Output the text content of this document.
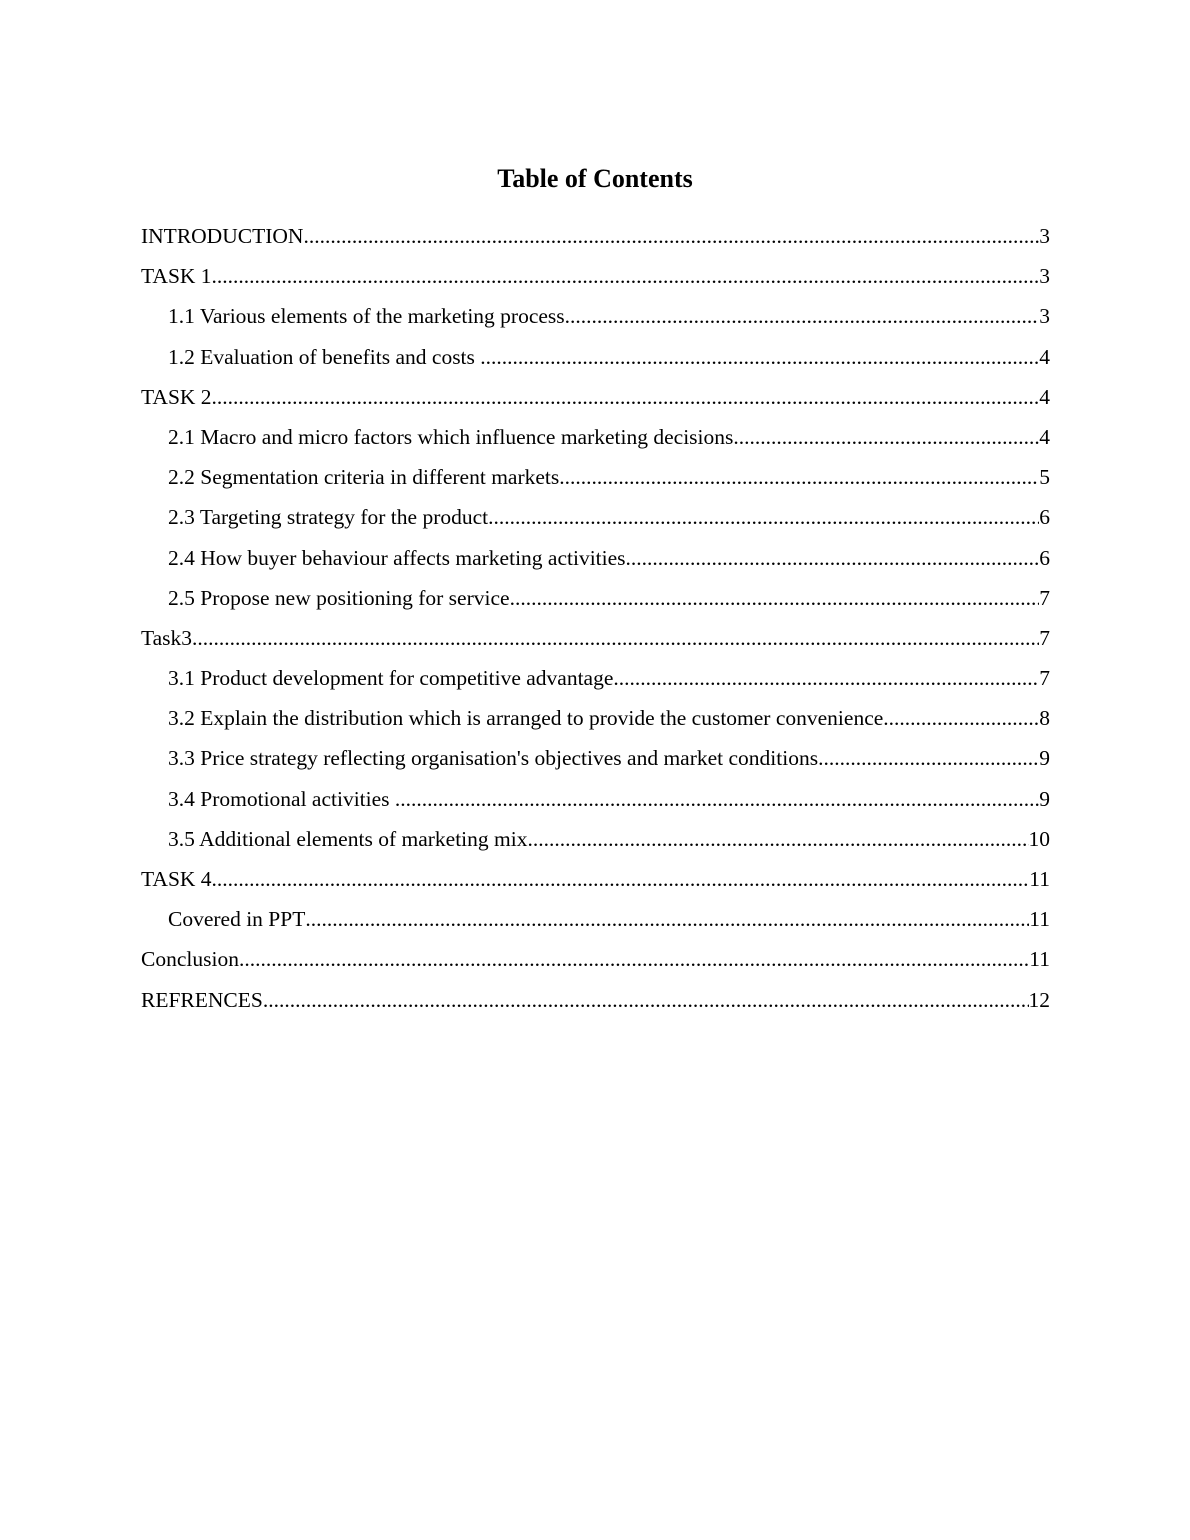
Table of Contents
INTRODUCTION .....	3
TASK 1 .....	3
1.1 Various elements of the marketing process .....	3
1.2 Evaluation of benefits and costs .....	4
TASK 2 .....	4
2.1 Macro and micro factors which influence marketing decisions .....	4
2.2 Segmentation criteria in different markets .....	5
2.3 Targeting strategy for the product .....	6
2.4 How buyer behaviour affects marketing activities .....	6
2.5 Propose new positioning for service .....	7
Task3 .....	7
3.1 Product development for competitive advantage .....	7
3.2 Explain the distribution which is arranged to provide the customer convenience .....	8
3.3 Price strategy reflecting organisation's objectives and market conditions .....	9
3.4 Promotional activities .....	9
3.5 Additional elements of marketing mix .....	10
TASK 4 .....	11
Covered in PPT .....	11
Conclusion .....	11
REFRENCES .....	12
